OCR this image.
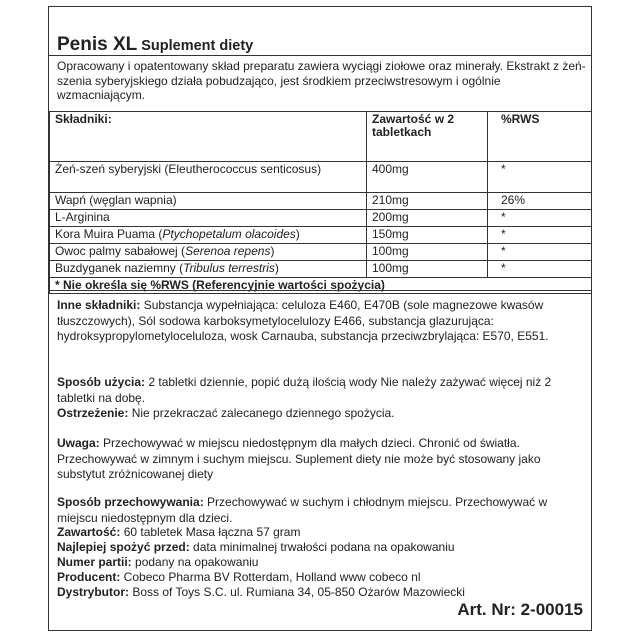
Penis XL Suplement diety

Opracowany i opatentowany skład preparatu zawiera wyciągi ziołowe oraz minerały. Ekstrakt z żeń-szenia syberyjskiego działa pobudzająco, jest środkiem przeciwstresowym i ogólnie wzmacniającym.

Składniki:	Zawartość w 2 tabletkach	%RWS
Żeń-szeń syberyjski (Eleutherococcus senticosus)	400mg	*
Wapń (węglan wapnia)	210mg	26%
L-Arginina	200mg	*
Kora Muira Puama (Ptychopetalum olacoides)	150mg	*
Owoc palmy sabałowej (Serenoa repens)	100mg	*
Buzdyganek naziemny (Tribulus terrestris)	100mg	*
* Nie określa się %RWS (Referencyjnie wartości spożycia)		

Inne składniki: Substancja wypełniająca: celuloza E460, E470B (sole magnezowe kwasów tłuszczowych), Sól sodowa karboksymetylocelulozy E466, substancja glazurująca: hydroksypropylometyloceluloza, wosk Carnauba, substancja przeciwzbrylająca: E570, E551.

Sposób użycia: 2 tabletki dziennie, popić dużą ilością wody Nie należy zażywać więcej niż 2 tabletki na dobę.

Ostrzeżenie: Nie przekraczać zalecanego dziennego spożycia.

Uwaga: Przechowywać w miejscu niedostępnym dla małych dzieci. Chronić od światła. Przechowywać w zimnym i suchym miejscu. Suplement diety nie może być stosowany jako substytut zróżnicowanej diety

Sposób przechowywania: Przechowywać w suchym i chłodnym miejscu. Przechowywać w miejscu niedostępnym dla dzieci.

Zawartość: 60 tabletek Masa łączna 57 gram

Najlepiej spożyć przed: data minimalnej trwałości podana na opakowaniu

Numer partii: podany na opakowaniu

Producent: Cobeco Pharma BV Rotterdam, Holland www cobeco nl

Dystrybutor: Boss of Toys S.C. ul. Rumiana 34, 05-850 Ożarów Mazowiecki

Art. Nr: 2-00015
